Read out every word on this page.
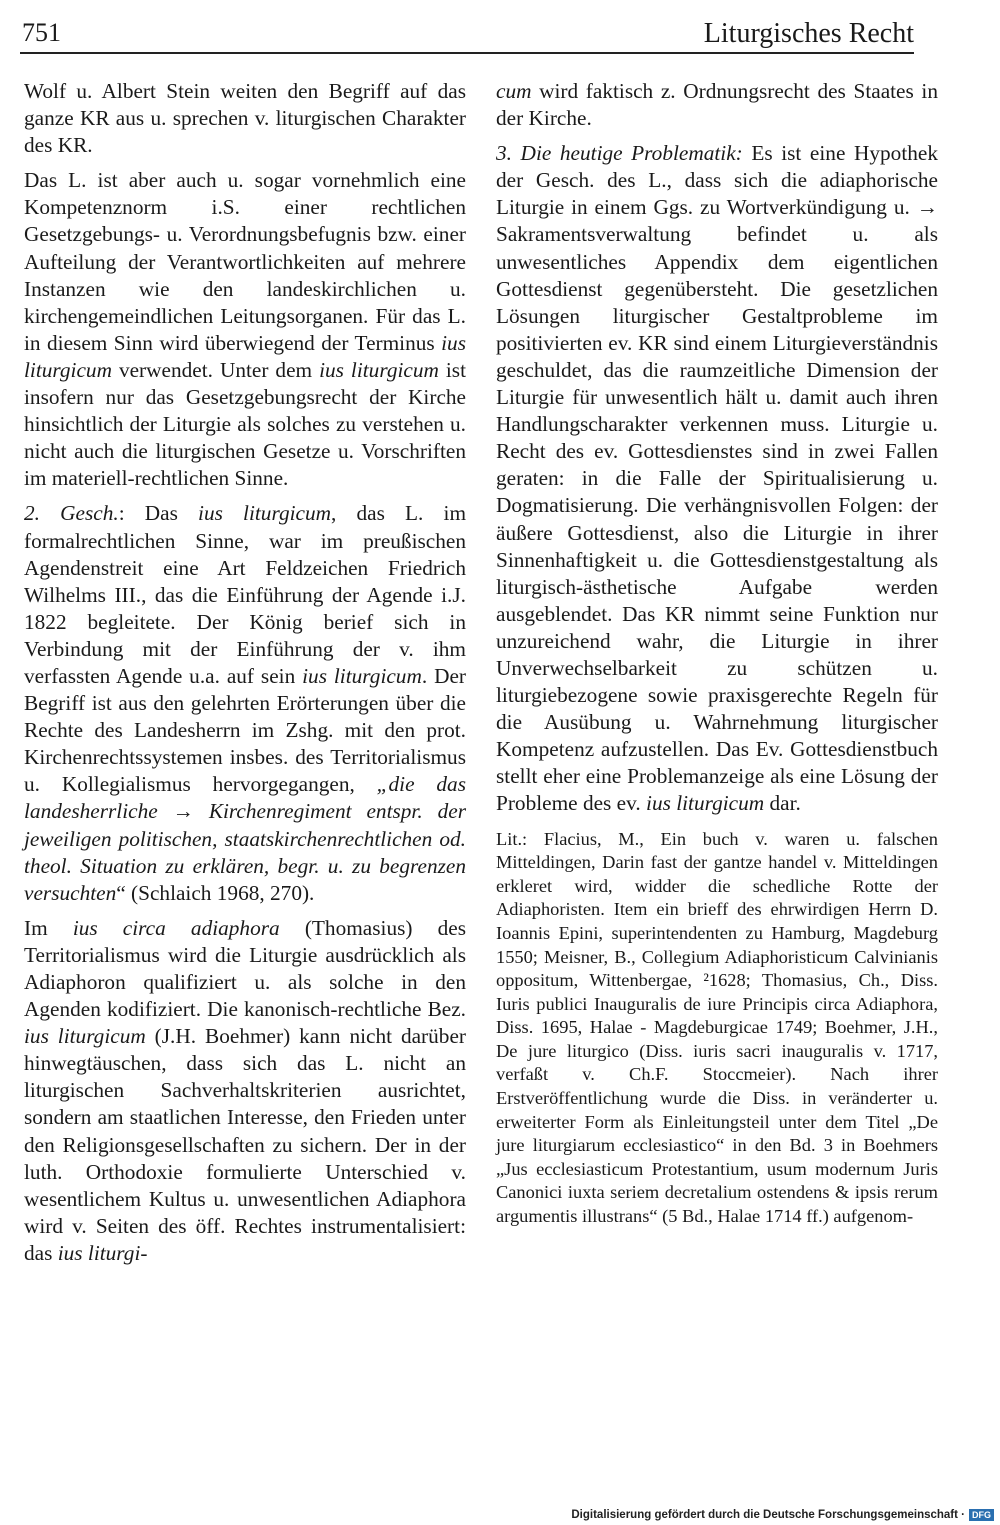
751	Liturgisches Recht

Wolf u. Albert Stein weiten den Begriff auf das ganze KR aus u. sprechen v. liturgischen Charakter des KR.

Das L. ist aber auch u. sogar vornehmlich eine Kompetenznorm i.S. einer rechtlichen Gesetzgebungs- u. Verordnungsbefugnis bzw. einer Aufteilung der Verantwortlichkeiten auf mehrere Instanzen wie den landeskirchlichen u. kirchengemeindlichen Leitungsorganen. Für das L. in diesem Sinn wird überwiegend der Terminus ius liturgicum verwendet. Unter dem ius liturgicum ist insofern nur das Gesetzgebungsrecht der Kirche hinsichtlich der Liturgie als solches zu verstehen u. nicht auch die liturgischen Gesetze u. Vorschriften im materiell-rechtlichen Sinne.

2. Gesch.: Das ius liturgicum, das L. im formalrechtlichen Sinne, war im preußischen Agendenstreit eine Art Feldzeichen Friedrich Wilhelms III., das die Einführung der Agende i.J. 1822 begleitete. Der König berief sich in Verbindung mit der Einführung der v. ihm verfassten Agende u.a. auf sein ius liturgicum. Der Begriff ist aus den gelehrten Erörterungen über die Rechte des Landesherrn im Zshg. mit den prot. Kirchenrechtssystemen insbes. des Territorialismus u. Kollegialismus hervorgegangen, „die das landesherrliche → Kirchenregiment entspr. der jeweiligen politischen, staatskirchenrechtlichen od. theol. Situation zu erklären, begr. u. zu begrenzen versuchten“ (Schlaich 1968, 270).

Im ius circa adiaphora (Thomasius) des Territorialismus wird die Liturgie ausdrücklich als Adiaphoron qualifiziert u. als solche in den Agenden kodifiziert. Die kanonisch-rechtliche Bez. ius liturgicum (J.H. Boehmer) kann nicht darüber hinwegtäuschen, dass sich das L. nicht an liturgischen Sachverhaltskriterien ausrichtet, sondern am staatlichen Interesse, den Frieden unter den Religionsgesellschaften zu sichern. Der in der luth. Orthodoxie formulierte Unterschied v. wesentlichem Kultus u. unwesentlichen Adiaphora wird v. Seiten des öff. Rechtes instrumentalisiert: das ius liturgi-

cum wird faktisch z. Ordnungsrecht des Staates in der Kirche.

3. Die heutige Problematik: Es ist eine Hypothek der Gesch. des L., dass sich die adiaphorische Liturgie in einem Ggs. zu Wortverkündigung u. → Sakramentsverwaltung befindet u. als unwesentliches Appendix dem eigentlichen Gottesdienst gegenübersteht. Die gesetzlichen Lösungen liturgischer Gestaltprobleme im positivierten ev. KR sind einem Liturgieverständnis geschuldet, das die raumzeitliche Dimension der Liturgie für unwesentlich hält u. damit auch ihren Handlungscharakter verkennen muss. Liturgie u. Recht des ev. Gottesdienstes sind in zwei Fallen geraten: in die Falle der Spiritualisierung u. Dogmatisierung. Die verhängnisvollen Folgen: der äußere Gottesdienst, also die Liturgie in ihrer Sinnenhaftigkeit u. die Gottesdienstgestaltung als liturgisch-ästhetische Aufgabe werden ausgeblendet. Das KR nimmt seine Funktion nur unzureichend wahr, die Liturgie in ihrer Unverwechselbarkeit zu schützen u. liturgiebezogene sowie praxisgerechte Regeln für die Ausübung u. Wahrnehmung liturgischer Kompetenz aufzustellen. Das Ev. Gottesdienstbuch stellt eher eine Problemanzeige als eine Lösung der Probleme des ev. ius liturgicum dar.

Lit.: Flacius, M., Ein buch v. waren u. falschen Mitteldingen, Darin fast der gantze handel v. Mitteldingen erkleret wird, widder die schedliche Rotte der Adiaphoristen. Item ein brieff des ehrwirdigen Herrn D. Ioannis Epini, superintendenten zu Hamburg, Magdeburg 1550; Meisner, B., Collegium Adiaphoristicum Calvinianis oppositum, Wittenbergae, ²1628; Thomasius, Ch., Diss. Iuris publici Inauguralis de iure Principis circa Adiaphora, Diss. 1695, Halae - Magdeburgicae 1749; Boehmer, J.H., De jure liturgico (Diss. iuris sacri inauguralis v. 1717, verfaßt v. Ch.F. Stoccmeier). Nach ihrer Erstveröffentlichung wurde die Diss. in veränderter u. erweiterter Form als Einleitungsteil unter dem Titel „De jure liturgiarum ecclesiastico“ in den Bd. 3 in Boehmers „Jus ecclesiasticum Protestantium, usum modernum Juris Canonici iuxta seriem decretalium ostendens & ipsis rerum argumentis illustrans“ (5 Bd., Halae 1714 ff.) aufgenom-

Digitalisierung gefördert durch die Deutsche Forschungsgemeinschaft · DFG
